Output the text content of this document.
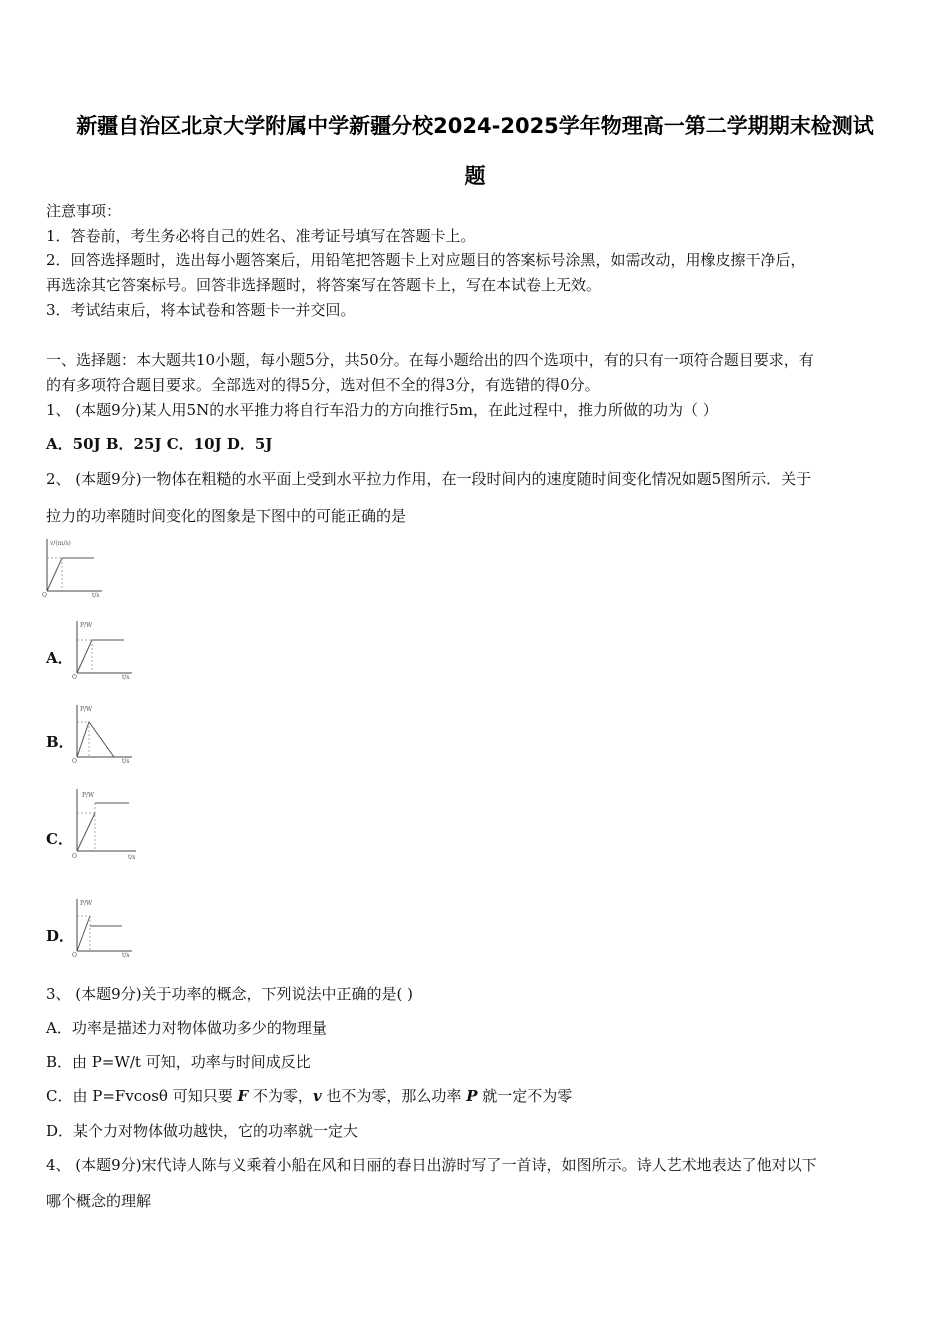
新疆自治区北京大学附属中学新疆分校2024-2025学年物理高一第二学期期末检测试
题
注意事项：
1．答卷前，考生务必将自己的姓名、准考证号填写在答题卡上。
2．回答选择题时，选出每小题答案后，用铅笔把答题卡上对应题目的答案标号涂黑，如需改动，用橡皮擦干净后，
再选涂其它答案标号。回答非选择题时，将答案写在答题卡上，写在本试卷上无效。
3．考试结束后，将本试卷和答题卡一并交回。
一、选择题：本大题共10小题，每小题5分，共50分。在每小题给出的四个选项中，有的只有一项符合题目要求，有
的有多项符合题目要求。全部选对的得5分，选对但不全的得3分，有选错的得0分。
1、 (本题9分)某人用5N的水平推力将自行车沿力的方向推行5m，在此过程中，推力所做的功为（ ）
A．50J B．25J C．10J D．5J
2、 (本题9分)一物体在粗糙的水平面上受到水平拉力作用，在一段时间内的速度随时间变化情况如题5图所示．关于
拉力的功率随时间变化的图象是下图中的可能正确的是
v/(m/s)
O	t/s
A．
P/W
O	t/s
B．
P/W
O	t/s
C．
P/W
O	t/s
D．
P/W
O	t/s
3、 (本题9分)关于功率的概念，下列说法中正确的是( )
A．功率是描述力对物体做功多少的物理量
B．由 P=W/t 可知，功率与时间成反比
C．由 P=Fvcosθ 可知只要 F 不为零，v 也不为零，那么功率 P 就一定不为零
D．某个力对物体做功越快，它的功率就一定大
4、 (本题9分)宋代诗人陈与义乘着小船在风和日丽的春日出游时写了一首诗，如图所示。诗人艺术地表达了他对以下
哪个概念的理解
